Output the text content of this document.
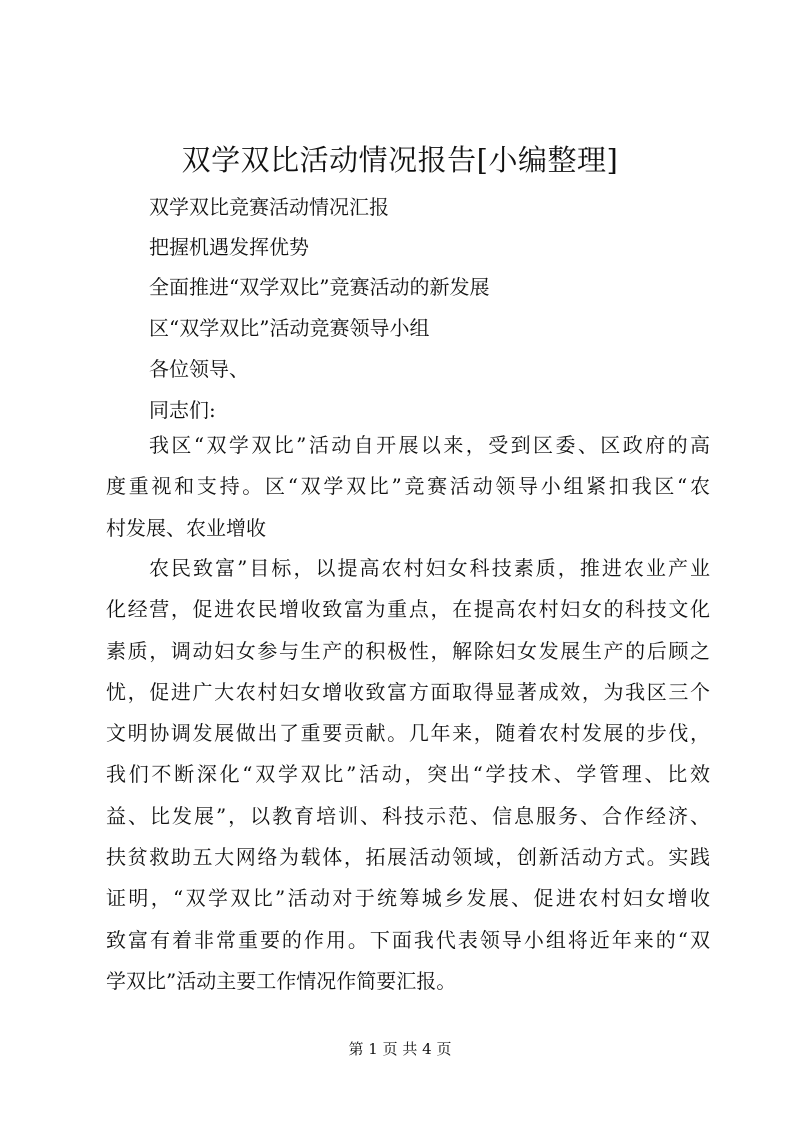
双学双比活动情况报告[小编整理]

双学双比竞赛活动情况汇报

把握机遇发挥优势

全面推进“双学双比”竞赛活动的新发展

区“双学双比”活动竞赛领导小组

各位领导、

同志们:

我区“双学双比”活动自开展以来，受到区委、区政府的高
度重视和支持。区“双学双比”竞赛活动领导小组紧扣我区“农
村发展、农业增收
农民致富”目标，以提高农村妇女科技素质，推进农业产业
化经营，促进农民增收致富为重点，在提高农村妇女的科技文化
素质，调动妇女参与生产的积极性，解除妇女发展生产的后顾之
忧，促进广大农村妇女增收致富方面取得显著成效，为我区三个
文明协调发展做出了重要贡献。几年来，随着农村发展的步伐，
我们不断深化“双学双比”活动，突出“学技术、学管理、比效
益、比发展”，以教育培训、科技示范、信息服务、合作经济、
扶贫救助五大网络为载体，拓展活动领域，创新活动方式。实践
证明，“双学双比”活动对于统筹城乡发展、促进农村妇女增收
致富有着非常重要的作用。下面我代表领导小组将近年来的“双
学双比”活动主要工作情况作简要汇报。

第 1 页 共 4 页
